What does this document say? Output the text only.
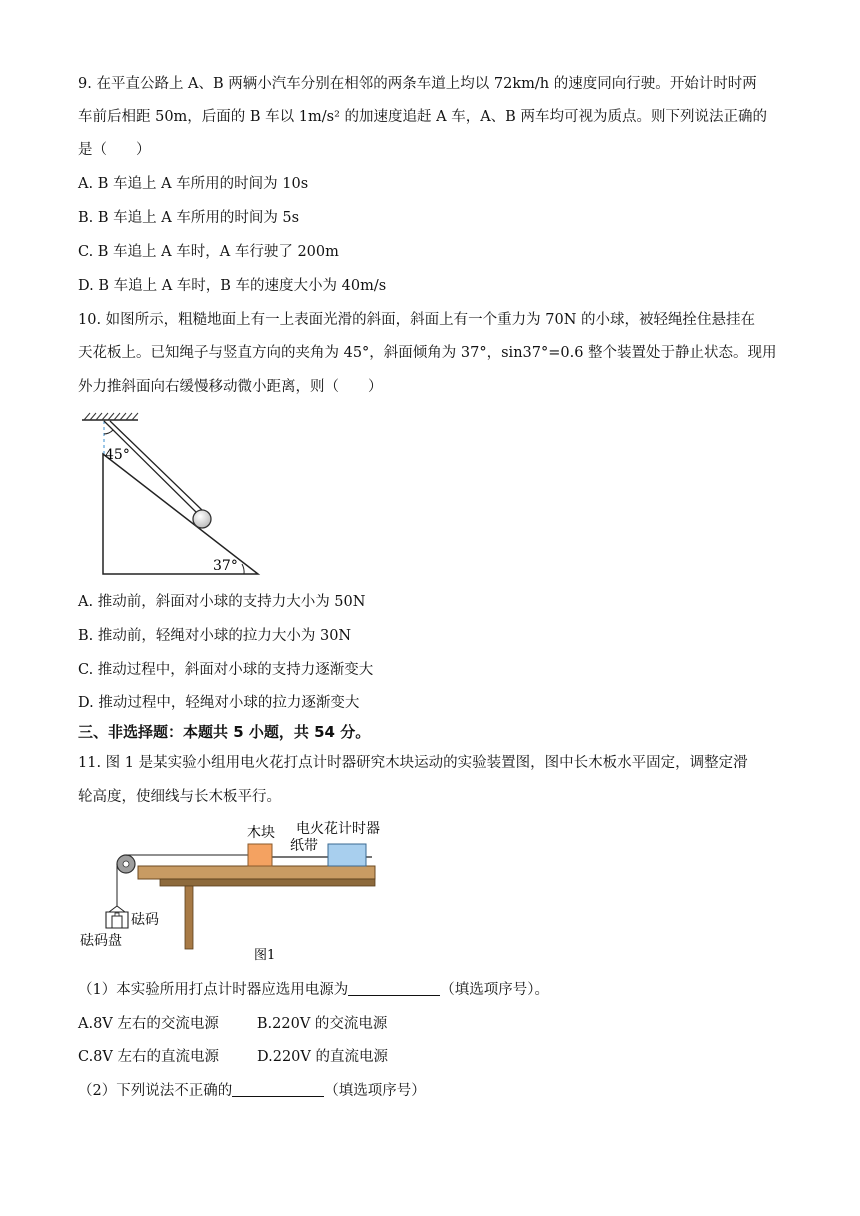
9. 在平直公路上 A、B 两辆小汽车分别在相邻的两条车道上均以 72km/h 的速度同向行驶。开始计时时两
车前后相距 50m，后面的 B 车以 1m/s² 的加速度追赶 A 车，A、B 两车均可视为质点。则下列说法正确的
是（　　）
A. B 车追上 A 车所用的时间为 10s
B. B 车追上 A 车所用的时间为 5s
C. B 车追上 A 车时，A 车行驶了 200m
D. B 车追上 A 车时，B 车的速度大小为 40m/s
10. 如图所示，粗糙地面上有一上表面光滑的斜面，斜面上有一个重力为 70N 的小球，被轻绳拴住悬挂在
天花板上。已知绳子与竖直方向的夹角为 45°，斜面倾角为 37°，sin37°=0.6 整个装置处于静止状态。现用
外力推斜面向右缓慢移动微小距离，则（　　）
45°
37°
A. 推动前，斜面对小球的支持力大小为 50N
B. 推动前，轻绳对小球的拉力大小为 30N
C. 推动过程中，斜面对小球的支持力逐渐变大
D. 推动过程中，轻绳对小球的拉力逐渐变大
三、非选择题：本题共 5 小题，共 54 分。
11. 图 1 是某实验小组用电火花打点计时器研究木块运动的实验装置图，图中长木板水平固定，调整定滑
轮高度，使细线与长木板平行。
木块 电火花计时器
纸带
砝码
砝码盘
图1
（1）本实验所用打点计时器应选用电源为	（填选项序号）。
A.8V 左右的交流电源	B.220V 的交流电源
C.8V 左右的直流电源	D.220V 的直流电源
（2）下列说法不正确的	（填选项序号）
